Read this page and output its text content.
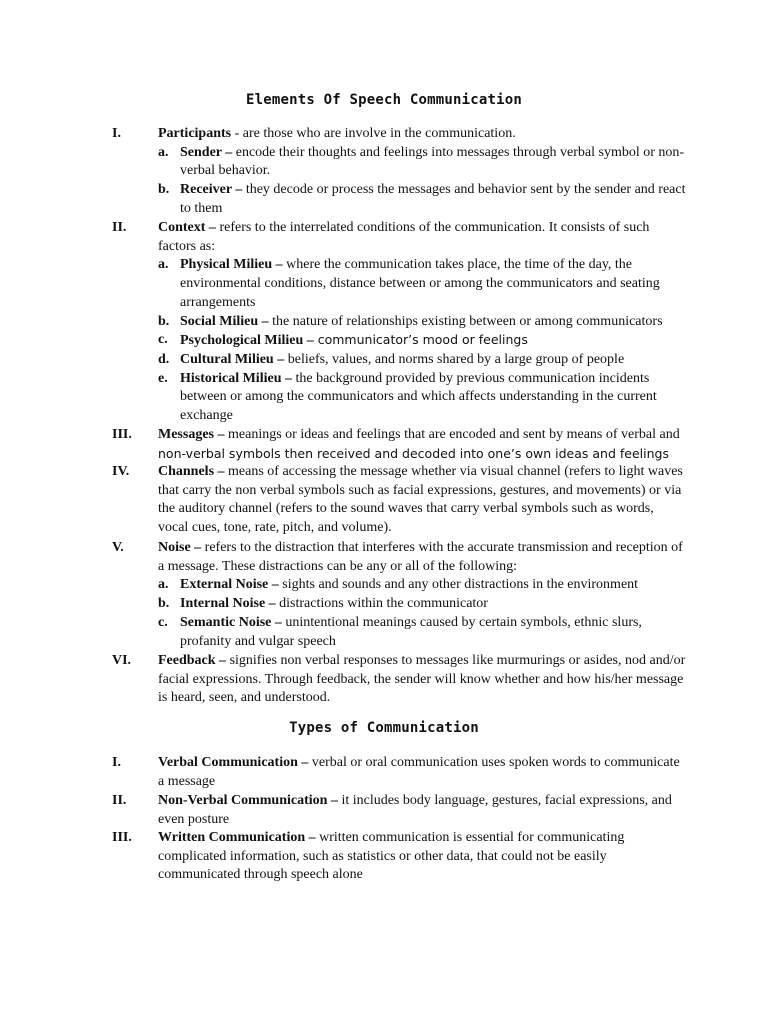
Elements Of Speech Communication
I.	Participants - are those who are involve in the communication.
a. Sender – encode their thoughts and feelings into messages through verbal symbol or non-verbal behavior.
b. Receiver – they decode or process the messages and behavior sent by the sender and react to them
II. Context – refers to the interrelated conditions of the communication. It consists of such factors as:
a. Physical Milieu – where the communication takes place, the time of the day, the environmental conditions, distance between or among the communicators and seating arrangements
b. Social Milieu – the nature of relationships existing between or among communicators
c. Psychological Milieu – communicator’s mood or feelings
d. Cultural Milieu – beliefs, values, and norms shared by a large group of people
e. Historical Milieu – the background provided by previous communication incidents between or among the communicators and which affects understanding in the current exchange
III. Messages – meanings or ideas and feelings that are encoded and sent by means of verbal and
non-verbal symbols then received and decoded into one’s own ideas and feelings
IV. Channels – means of accessing the message whether via visual channel (refers to light waves that carry the non verbal symbols such as facial expressions, gestures, and movements) or via the auditory channel (refers to the sound waves that carry verbal symbols such as words, vocal cues, tone, rate, pitch, and volume).
V. Noise – refers to the distraction that interferes with the accurate transmission and reception of a message. These distractions can be any or all of the following:
a. External Noise – sights and sounds and any other distractions in the environment
b. Internal Noise – distractions within the communicator
c. Semantic Noise – unintentional meanings caused by certain symbols, ethnic slurs, profanity and vulgar speech
VI. Feedback – signifies non verbal responses to messages like murmurings or asides, nod and/or facial expressions. Through feedback, the sender will know whether and how his/her message is heard, seen, and understood.
Types of Communication
I.	Verbal Communication – verbal or oral communication uses spoken words to communicate a message
II. Non-Verbal Communication – it includes body language, gestures, facial expressions, and even posture
III. Written Communication – written communication is essential for communicating complicated information, such as statistics or other data, that could not be easily communicated through speech alone
